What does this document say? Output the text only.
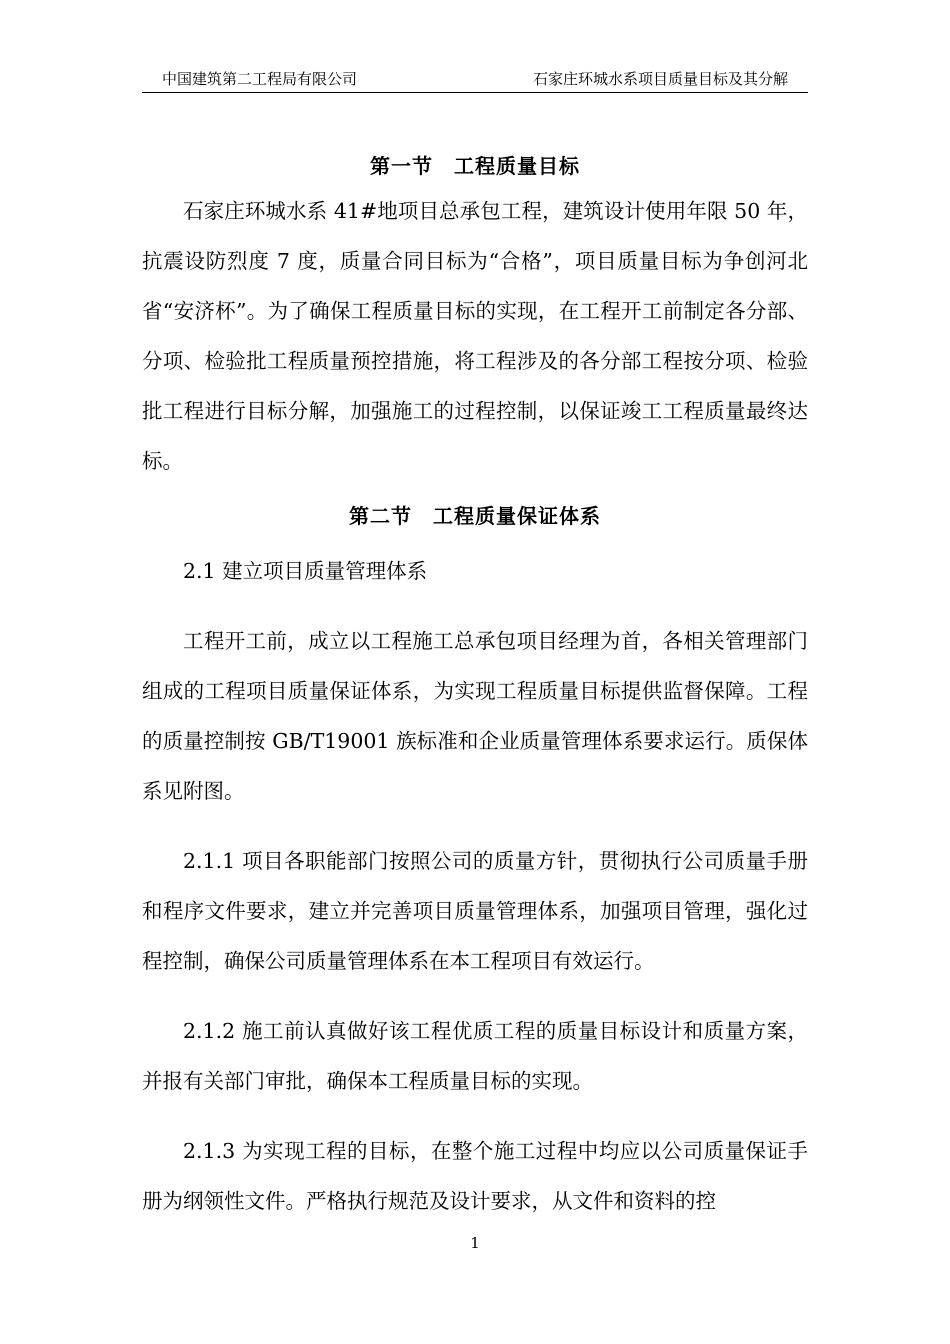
中国建筑第二工程局有限公司	石家庄环城水系项目质量目标及其分解
第一节　工程质量目标

石家庄环城水系 41#地项目总承包工程，建筑设计使用年限 50 年，抗震设防烈度 7 度，质量合同目标为“合格”，项目质量目标为争创河北省“安济杯”。为了确保工程质量目标的实现，在工程开工前制定各分部、分项、检验批工程质量预控措施，将工程涉及的各分部工程按分项、检验批工程进行目标分解，加强施工的过程控制，以保证竣工工程质量最终达标。

第二节　工程质量保证体系

2.1 建立项目质量管理体系

工程开工前，成立以工程施工总承包项目经理为首，各相关管理部门组成的工程项目质量保证体系，为实现工程质量目标提供监督保障。工程的质量控制按 GB/T19001 族标准和企业质量管理体系要求运行。质保体系见附图。

2.1.1 项目各职能部门按照公司的质量方针，贯彻执行公司质量手册和程序文件要求，建立并完善项目质量管理体系，加强项目管理，强化过程控制，确保公司质量管理体系在本工程项目有效运行。

2.1.2 施工前认真做好该工程优质工程的质量目标设计和质量方案，并报有关部门审批，确保本工程质量目标的实现。

2.1.3 为实现工程的目标，在整个施工过程中均应以公司质量保证手册为纲领性文件。严格执行规范及设计要求，从文件和资料的控

1
